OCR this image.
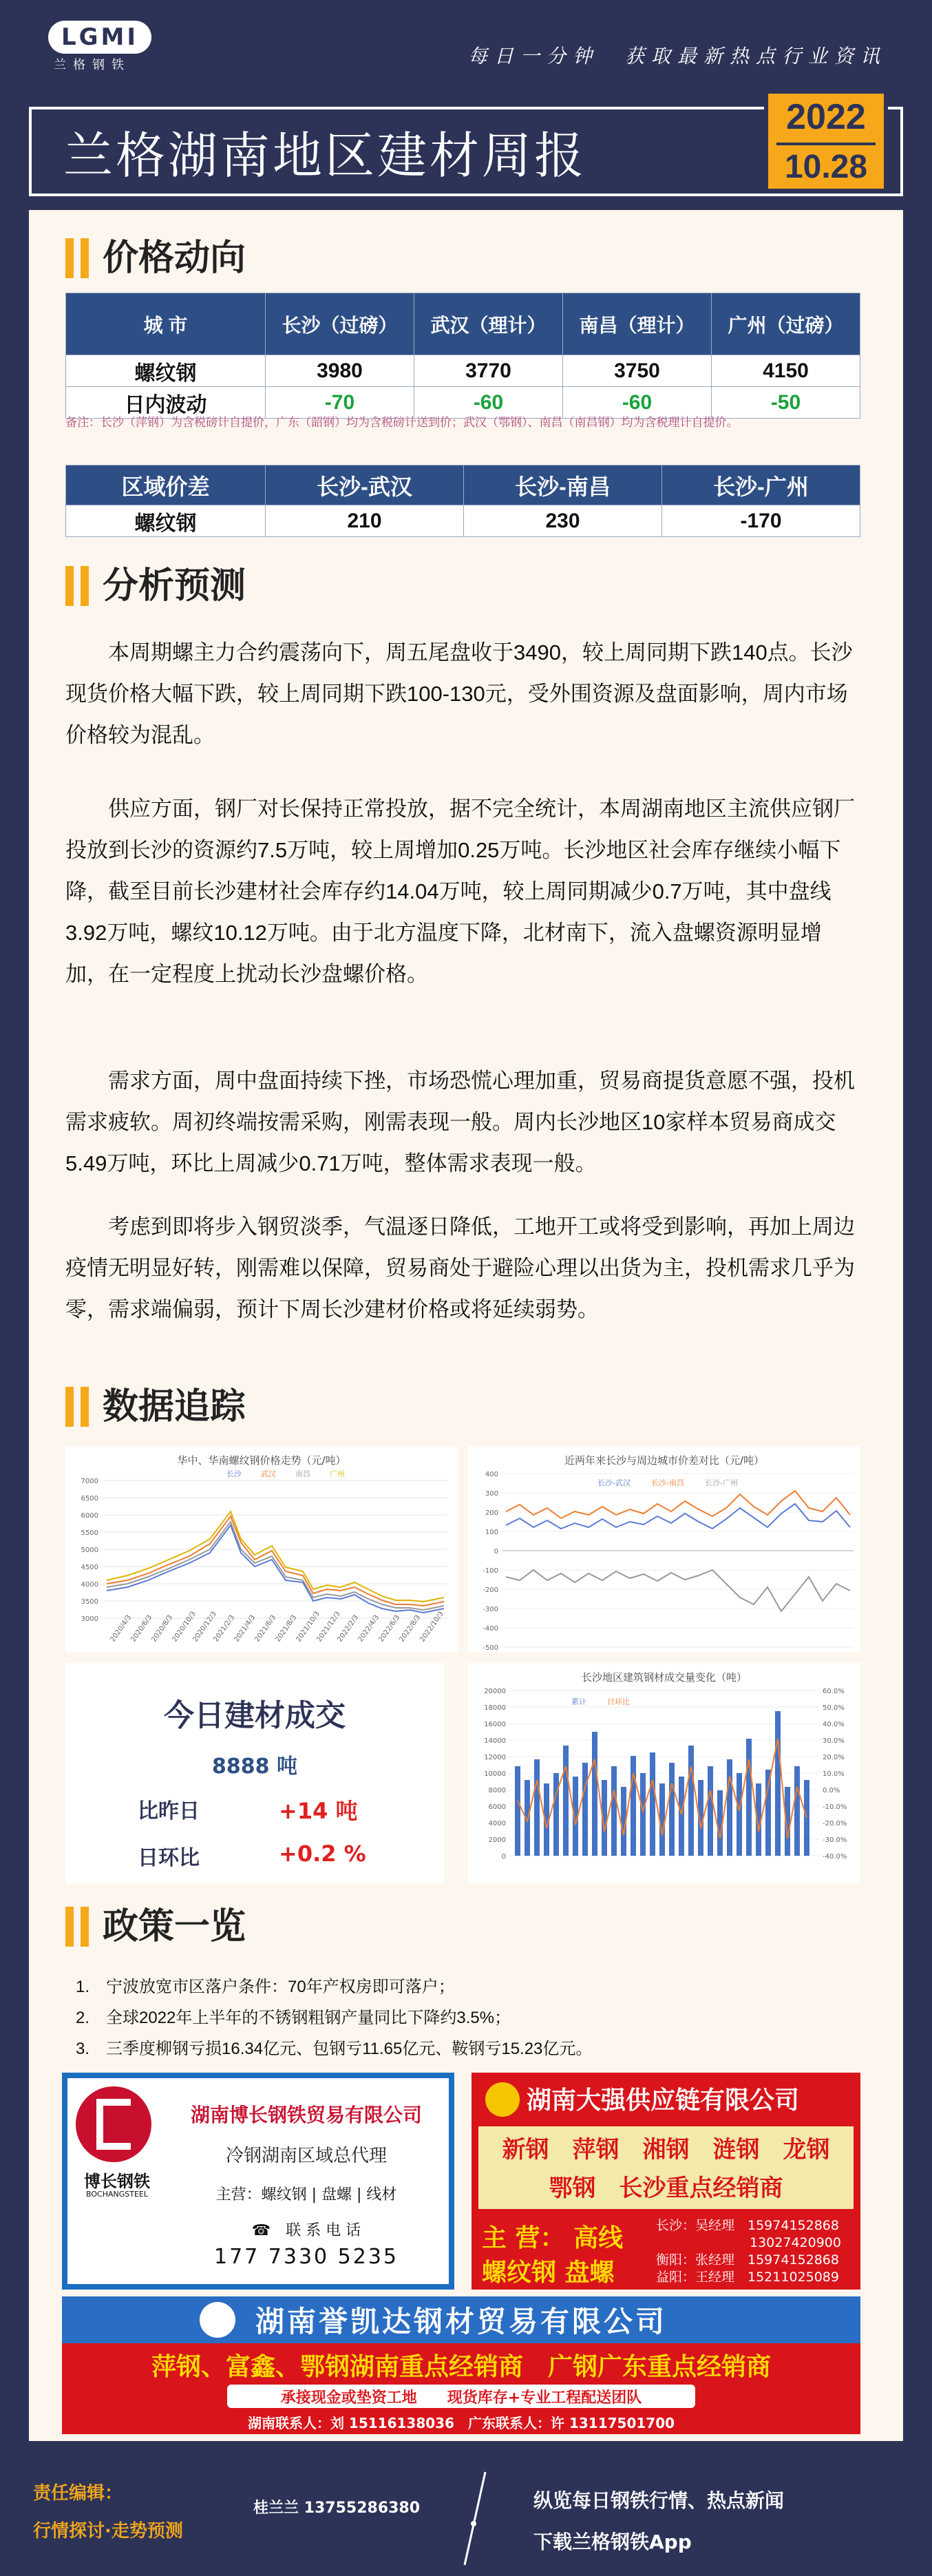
LGMI
兰格钢铁	每日一分钟　获取最新热点行业资讯
兰格湖南地区建材周报
2022
10.28
价格动向
城 市	长沙（过磅）	武汉（理计）	南昌（理计）	广州（过磅）
螺纹钢	3980	3770	3750	4150
日内波动	-70	-60	-60	-50
备注：长沙（萍钢）为含税磅计自提价，广东（韶钢）均为含税磅计送到价；武汉（鄂钢）、南昌（南昌钢）均为含税理计自提价。
区域价差	长沙-武汉	长沙-南昌	长沙-广州
螺纹钢	210	230	-170
分析预测

本周期螺主力合约震荡向下，周五尾盘收于3490，较上周同期下跌140点。长沙现货价格大幅下跌，较上周同期下跌100-130元，受外围资源及盘面影响，周内市场价格较为混乱。

供应方面，钢厂对长保持正常投放，据不完全统计，本周湖南地区主流供应钢厂投放到长沙的资源约7.5万吨，较上周增加0.25万吨。长沙地区社会库存继续小幅下降，截至目前长沙建材社会库存约14.04万吨，较上周同期减少0.7万吨，其中盘线3.92万吨，螺纹10.12万吨。由于北方温度下降，北材南下，流入盘螺资源明显增加，在一定程度上扰动长沙盘螺价格。

需求方面，周中盘面持续下挫，市场恐慌心理加重，贸易商提货意愿不强，投机需求疲软。周初终端按需采购，刚需表现一般。周内长沙地区10家样本贸易商成交5.49万吨，环比上周减少0.71万吨，整体需求表现一般。

考虑到即将步入钢贸淡季，气温逐日降低，工地开工或将受到影响，再加上周边疫情无明显好转，刚需难以保障，贸易商处于避险心理以出货为主，投机需求几乎为零，需求端偏弱，预计下周长沙建材价格或将延续弱势。

数据追踪
华中、华南螺纹钢价格走势（元/吨）
长沙	武汉	南昌	广州
7000
6500
6000
5500
5000
4500
4000
3500
3000 2020/4/3
2020/6/3
2020/8/3
2020/10/3
2020/12/3
2021/2/3
2021/4/3
2021/6/3
2021/8/3
2021/10/3
2021/12/3
2022/2/3
2022/4/3
2022/6/3
2022/8/3
2022/10/3
近两年来长沙与周边城市价差对比（元/吨）
长沙-武汉	长沙-南昌	长沙-广州
400
300
200
100
0
-100
-200
-300
-400
-500
今日建材成交
8888 吨
比昨日	+14 吨
日环比	+0.2 %
长沙地区建筑钢材成交量变化（吨）
累计	日环比
20000
18000
16000
14000
12000
10000
8000
6000
4000
2000
0
60.0%
50.0%
40.0%
30.0%
20.0%
10.0%
0.0%
-10.0%
-20.0%
-30.0%
-40.0%
政策一览
1.　宁波放宽市区落户条件：70年产权房即可落户；
2.　全球2022年上半年的不锈钢粗钢产量同比下降约3.5%；
3.　三季度柳钢亏损16.34亿元、包钢亏11.65亿元、鞍钢亏15.23亿元。
博长钢铁
BOCHANGSTEEL
湖南博长钢铁贸易有限公司
冷钢湖南区域总代理
主营：螺纹钢 | 盘螺 | 线材
☎　联 系 电 话
177 7330 5235
湖南大强供应链有限公司
新钢　萍钢　湘钢　涟钢　龙钢
鄂钢　长沙重点经销商
主 营： 高线
螺纹钢 盘螺
长沙：吴经理　15974152868
13027420900
衡阳：张经理　15974152868
益阳：王经理　15211025089
湖南誉凯达钢材贸易有限公司
萍钢、富鑫、鄂钢湖南重点经销商　广钢广东重点经销商
承接现金或垫资工地　　现货库存+专业工程配送团队
湖南联系人：刘 15116138036　广东联系人：许 13117501700
责任编辑：
行情探讨·走势预测
桂兰兰 13755286380	纵览每日钢铁行情、热点新闻
下载兰格钢铁App
